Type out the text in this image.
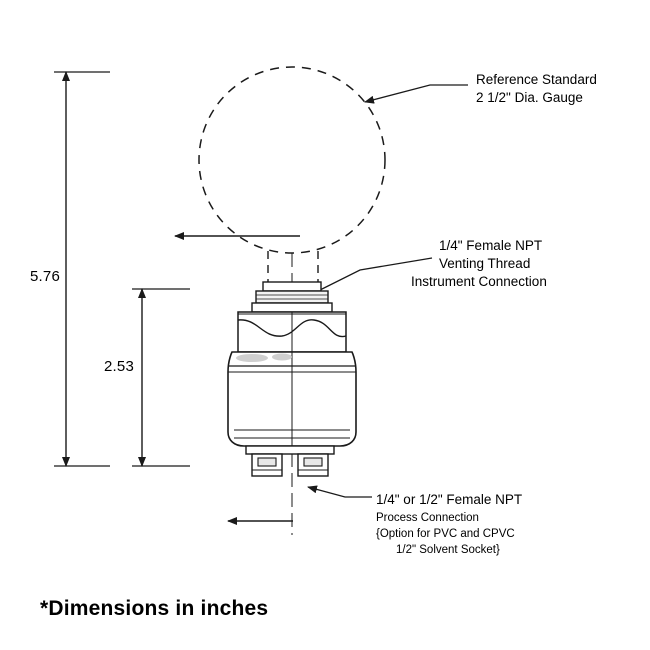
5.76
2.53
Reference Standard
2 1/2" Dia. Gauge
1/4" Female NPT
Venting Thread
Instrument Connection
1/4" or 1/2" Female NPT
Process Connection
{Option for PVC and CPVC
1/2" Solvent Socket}
*Dimensions in inches
